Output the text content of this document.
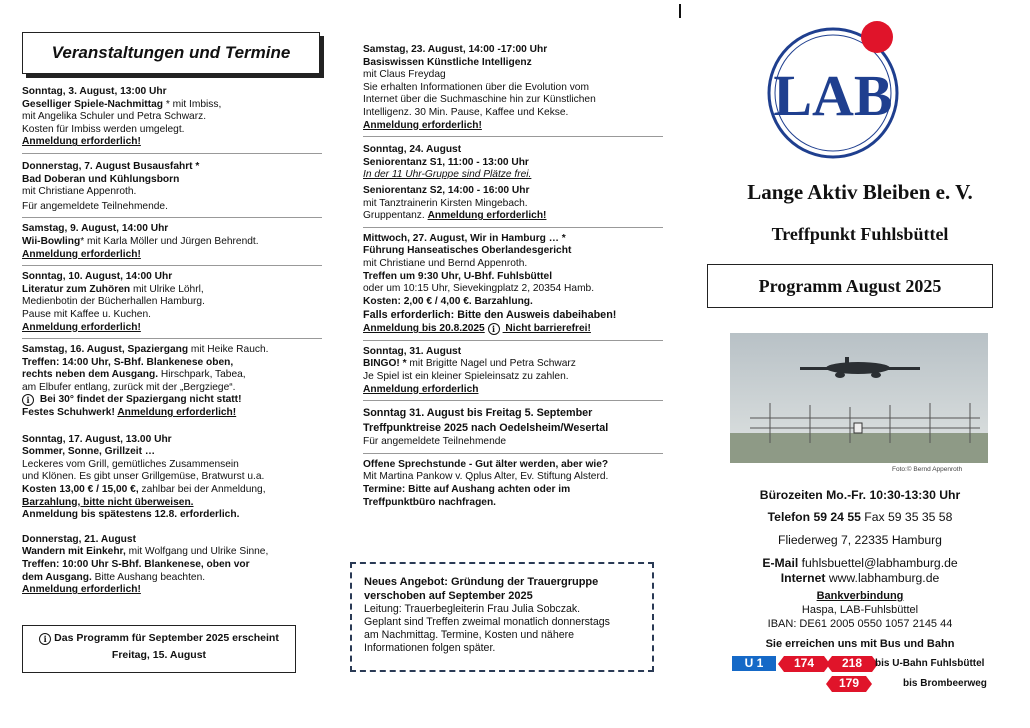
Veranstaltungen und Termine

Sonntag, 3. August, 13:00 Uhr

Geselliger Spiele-Nachmittag * mit Imbiss,

mit Angelika Schuler und Petra Schwarz.

Kosten für Imbiss werden umgelegt.

Anmeldung erforderlich!

Donnerstag, 7. August Busausfahrt *

Bad Doberan und Kühlungsborn

mit Christiane Appenroth.

Für angemeldete Teilnehmende.

Samstag, 9. August, 14:00 Uhr

Wii-Bowling* mit Karla Möller und Jürgen Behrendt.

Anmeldung erforderlich!

Sonntag, 10. August, 14:00 Uhr

Literatur zum Zuhören mit Ulrike Löhrl,

Medienbotin der Bücherhallen Hamburg.

Pause mit Kaffee u. Kuchen.

Anmeldung erforderlich!

Samstag, 16. August, Spaziergang mit Heike Rauch.

Treffen: 14:00 Uhr, S-Bhf. Blankenese oben,

rechts neben dem Ausgang. Hirschpark, Tabea,

am Elbufer entlang, zurück mit der „Bergziege“.

i Bei 30° findet der Spaziergang nicht statt!

Festes Schuhwerk! Anmeldung erforderlich!

Sonntag, 17. August, 13.00 Uhr

Sommer, Sonne, Grillzeit …

Leckeres vom Grill, gemütliches Zusammensein

und Klönen. Es gibt unser Grillgemüse, Bratwurst u.a.

Kosten 13,00 € / 15,00 €, zahlbar bei der Anmeldung,

Barzahlung, bitte nicht überweisen.

Anmeldung bis spätestens 12.8. erforderlich.

Donnerstag, 21. August

Wandern mit Einkehr, mit Wolfgang und Ulrike Sinne,

Treffen: 10:00 Uhr S-Bhf. Blankenese, oben vor

dem Ausgang. Bitte Aushang beachten.

Anmeldung erforderlich!

i Das Programm für September 2025 erscheint

Freitag, 15. August

Samstag, 23. August, 14:00 -17:00 Uhr

Basiswissen Künstliche Intelligenz

mit Claus Freydag

Sie erhalten Informationen über die Evolution vom

Internet über die Suchmaschine hin zur Künstlichen

Intelligenz. 30 Min. Pause, Kaffee und Kekse.

Anmeldung erforderlich!

Sonntag, 24. August

Seniorentanz S1, 11:00 - 13:00 Uhr

In der 11 Uhr-Gruppe sind Plätze frei.

Seniorentanz S2, 14:00 - 16:00 Uhr

mit Tanztrainerin Kirsten Mingebach.

Gruppentanz. Anmeldung erforderlich!

Mittwoch, 27. August, Wir in Hamburg … *

Führung Hanseatisches Oberlandesgericht

mit Christiane und Bernd Appenroth.

Treffen um 9:30 Uhr, U-Bhf. Fuhlsbüttel

oder um 10:15 Uhr, Sievekingplatz 2, 20354 Hamb.

Kosten: 2,00 € / 4,00 €. Barzahlung.

Falls erforderlich: Bitte den Ausweis dabeihaben!

Anmeldung bis 20.8.2025 i Nicht barrierefrei!

Sonntag, 31. August

BINGO! * mit Brigitte Nagel und Petra Schwarz

Je Spiel ist ein kleiner Spieleinsatz zu zahlen.

Anmeldung erforderlich

Sonntag 31. August bis Freitag 5. September

Treffpunktreise 2025 nach Oedelsheim/Wesertal

Für angemeldete Teilnehmende

Offene Sprechstunde - Gut älter werden, aber wie?

Mit Martina Pankow v. Qplus Alter, Ev. Stiftung Alsterd.

Termine: Bitte auf Aushang achten oder im

Treffpunktbüro nachfragen.

Neues Angebot: Gründung der Trauergruppe

verschoben auf September 2025

Leitung: Trauerbegleiterin Frau Julia Sobczak.

Geplant sind Treffen zweimal monatlich donnerstags

am Nachmittag. Termine, Kosten und nähere

Informationen folgen später.

LAB
Lange Aktiv Bleiben e. V.
Treffpunkt Fuhlsbüttel
Programm August 2025
Foto:© Bernd Appenroth
Bürozeiten Mo.-Fr. 10:30-13:30 Uhr
Telefon 59 24 55 Fax 59 35 35 58
Fliederweg 7, 22335 Hamburg
E-Mail fuhlsbuettel@labhamburg.de
Internet www.labhamburg.de
Bankverbindung
Haspa, LAB-Fuhlsbüttel
IBAN: DE61 2005 0550 1057 2145 44
Sie erreichen uns mit Bus und Bahn
U 1	174	218	bis U-Bahn Fuhlsbüttel
179	bis Brombeerweg
